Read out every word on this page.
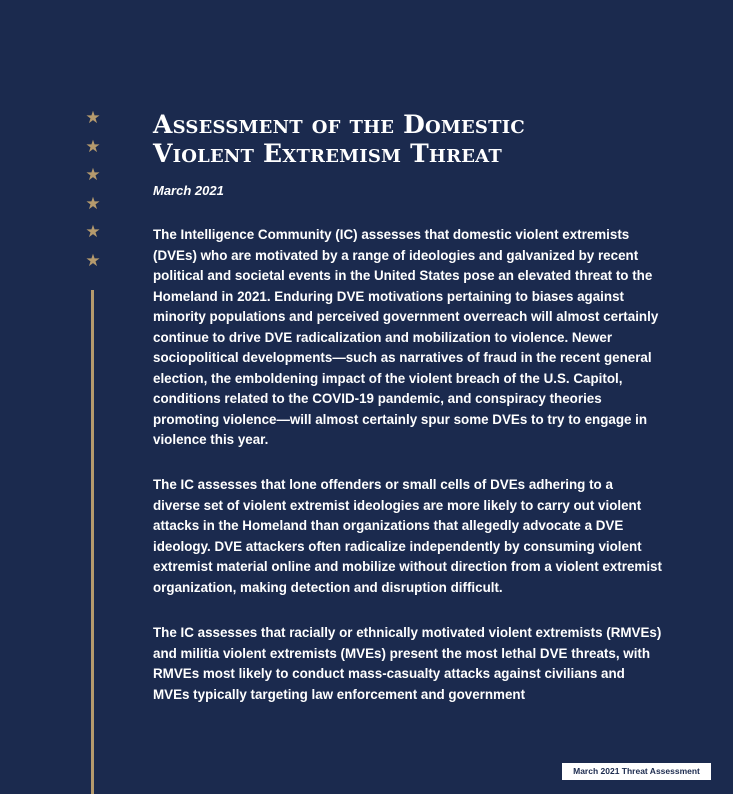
★
★
★
★
★
★
Assessment of the Domestic
Violent Extremism Threat
March 2021

The Intelligence Community (IC) assesses that domestic violent extremists (DVEs) who are motivated by a range of ideologies and galvanized by recent political and societal events in the United States pose an elevated threat to the Homeland in 2021. Enduring DVE motivations pertaining to biases against minority populations and perceived government overreach will almost certainly continue to drive DVE radicalization and mobilization to violence. Newer sociopolitical developments—such as narratives of fraud in the recent general election, the emboldening impact of the violent breach of the U.S. Capitol, conditions related to the COVID-19 pandemic, and conspiracy theories promoting violence—will almost certainly spur some DVEs to try to engage in violence this year.

The IC assesses that lone offenders or small cells of DVEs adhering to a diverse set of violent extremist ideologies are more likely to carry out violent attacks in the Homeland than organizations that allegedly advocate a DVE ideology. DVE attackers often radicalize independently by consuming violent extremist material online and mobilize without direction from a violent extremist organization, making detection and disruption difficult.

The IC assesses that racially or ethnically motivated violent extremists (RMVEs) and militia violent extremists (MVEs) present the most lethal DVE threats, with RMVEs most likely to conduct mass-casualty attacks against civilians and MVEs typically targeting law enforcement and government

March 2021 Threat Assessment
